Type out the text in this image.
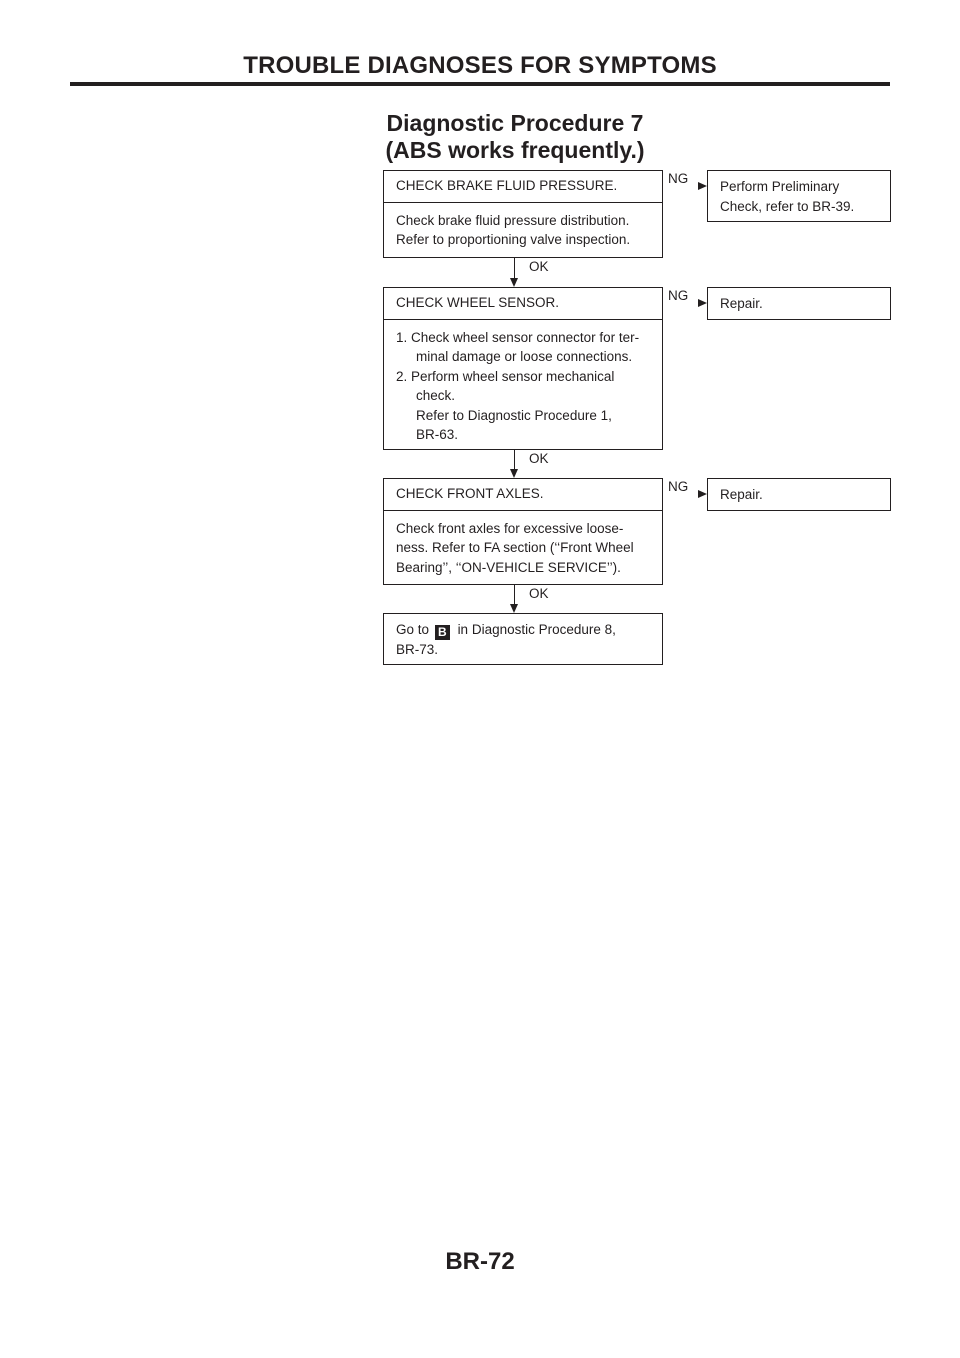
TROUBLE DIAGNOSES FOR SYMPTOMS
Diagnostic Procedure 7
(ABS works frequently.)
CHECK BRAKE FLUID PRESSURE.
Check brake fluid pressure distribution.
Refer to proportioning valve inspection.
NG
Perform Preliminary
Check, refer to BR-39.
OK
CHECK WHEEL SENSOR.
1. Check wheel sensor connector for ter-
minal damage or loose connections.
2. Perform wheel sensor mechanical
check.
Refer to Diagnostic Procedure 1,
BR-63.
NG
Repair.
OK
CHECK FRONT AXLES.
Check front axles for excessive loose-
ness. Refer to FA section (‘‘Front Wheel
Bearing’’, ‘‘ON-VEHICLE SERVICE’’).
NG
Repair.
OK
Go to B in Diagnostic Procedure 8,
BR-73.
BR-72
